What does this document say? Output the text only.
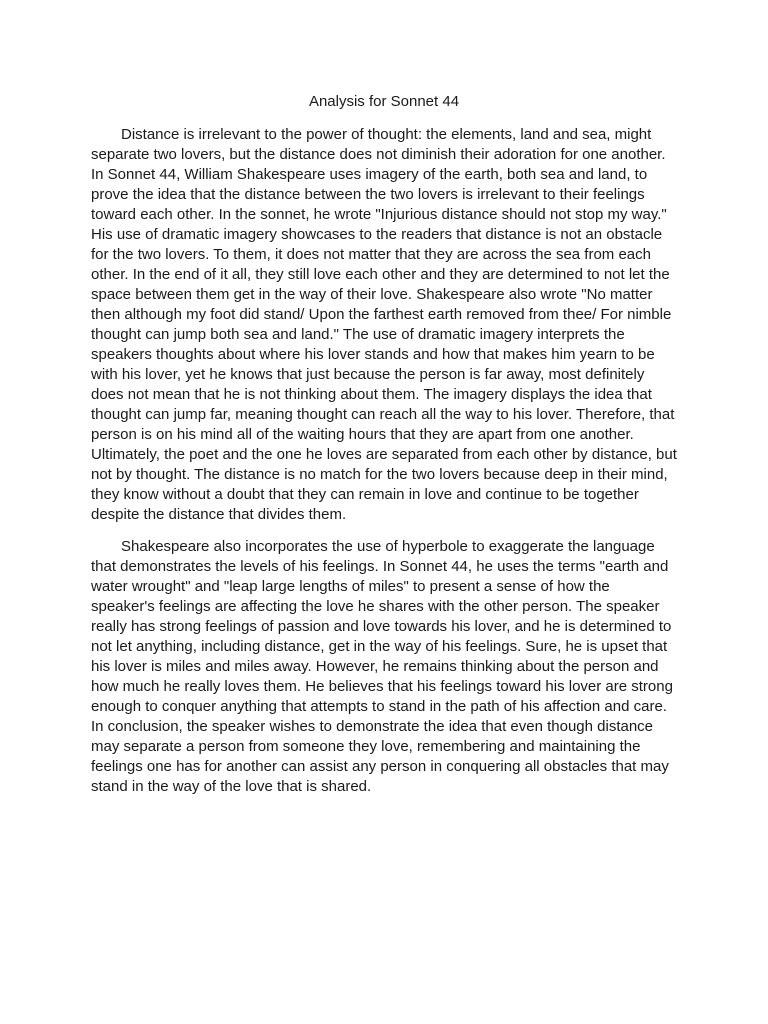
Analysis for Sonnet 44

Distance is irrelevant to the power of thought: the elements, land and sea, might separate two lovers, but the distance does not diminish their adoration for one another. In Sonnet 44, William Shakespeare uses imagery of the earth, both sea and land, to prove the idea that the distance between the two lovers is irrelevant to their feelings toward each other. In the sonnet, he wrote "Injurious distance should not stop my way." His use of dramatic imagery showcases to the readers that distance is not an obstacle for the two lovers. To them, it does not matter that they are across the sea from each other. In the end of it all, they still love each other and they are determined to not let the space between them get in the way of their love. Shakespeare also wrote "No matter then although my foot did stand/ Upon the farthest earth removed from thee/ For nimble thought can jump both sea and land." The use of dramatic imagery interprets the speakers thoughts about where his lover stands and how that makes him yearn to be with his lover, yet he knows that just because the person is far away, most definitely does not mean that he is not thinking about them. The imagery displays the idea that thought can jump far, meaning thought can reach all the way to his lover. Therefore, that person is on his mind all of the waiting hours that they are apart from one another. Ultimately, the poet and the one he loves are separated from each other by distance, but not by thought. The distance is no match for the two lovers because deep in their mind, they know without a doubt that they can remain in love and continue to be together despite the distance that divides them.

Shakespeare also incorporates the use of hyperbole to exaggerate the language that demonstrates the levels of his feelings. In Sonnet 44, he uses the terms "earth and water wrought" and "leap large lengths of miles" to present a sense of how the speaker's feelings are affecting the love he shares with the other person. The speaker really has strong feelings of passion and love towards his lover, and he is determined to not let anything, including distance, get in the way of his feelings. Sure, he is upset that his lover is miles and miles away. However, he remains thinking about the person and how much he really loves them. He believes that his feelings toward his lover are strong enough to conquer anything that attempts to stand in the path of his affection and care. In conclusion, the speaker wishes to demonstrate the idea that even though distance may separate a person from someone they love, remembering and maintaining the feelings one has for another can assist any person in conquering all obstacles that may stand in the way of the love that is shared.
